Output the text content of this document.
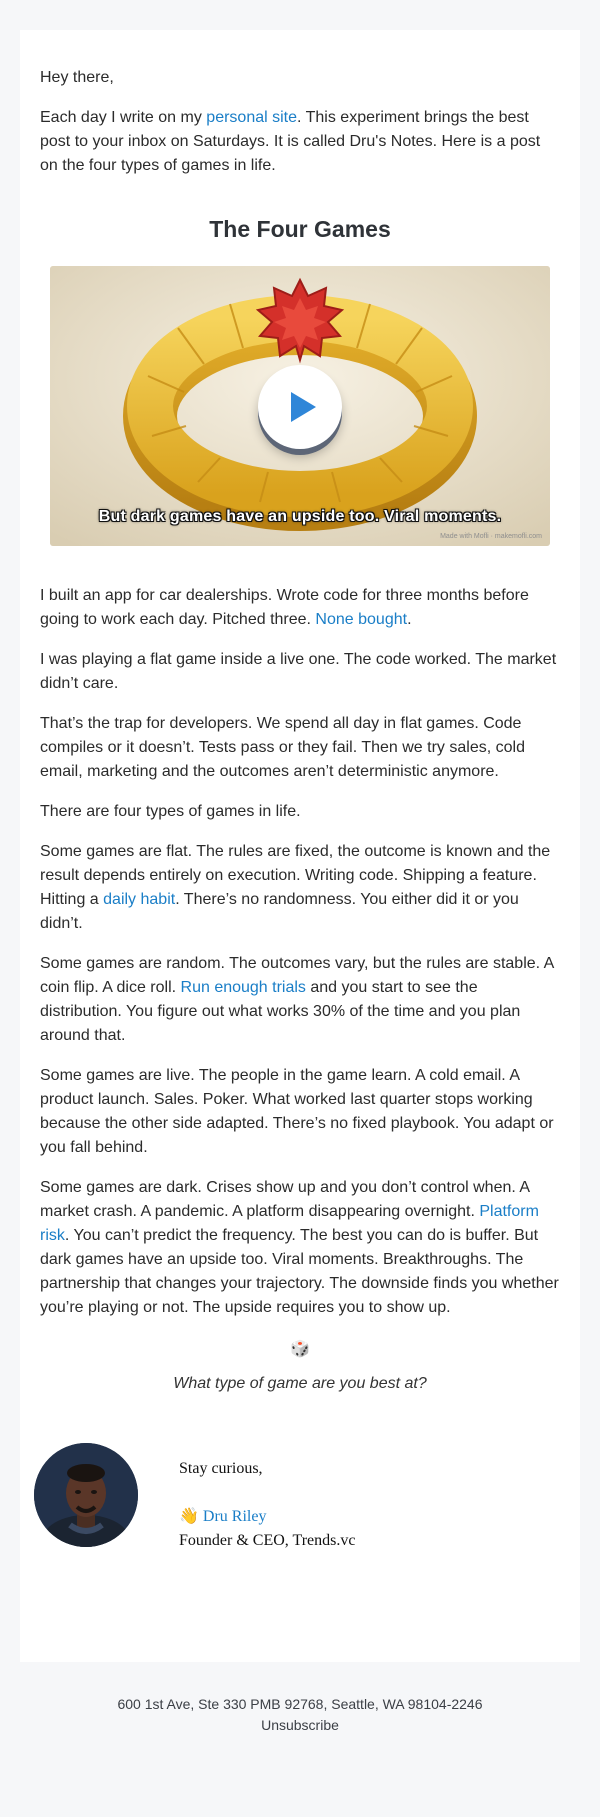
Hey there,

Each day I write on my personal site. This experiment brings the best post to your inbox on Saturdays. It is called Dru's Notes. Here is a post on the four types of games in life.

The Four Games
But dark games have an upside too. Viral moments.
Made with Mofli · makemofli.com

I built an app for car dealerships. Wrote code for three months before going to work each day. Pitched three. None bought.

I was playing a flat game inside a live one. The code worked. The market didn’t care.

That’s the trap for developers. We spend all day in flat games. Code compiles or it doesn’t. Tests pass or they fail. Then we try sales, cold email, marketing and the outcomes aren’t deterministic anymore.

There are four types of games in life.

Some games are flat. The rules are fixed, the outcome is known and the result depends entirely on execution. Writing code. Shipping a feature. Hitting a daily habit. There’s no randomness. You either did it or you didn’t.

Some games are random. The outcomes vary, but the rules are stable. A coin flip. A dice roll. Run enough trials and you start to see the distribution. You figure out what works 30% of the time and you plan around that.

Some games are live. The people in the game learn. A cold email. A product launch. Sales. Poker. What worked last quarter stops working because the other side adapted. There’s no fixed playbook. You adapt or you fall behind.

Some games are dark. Crises show up and you don’t control when. A market crash. A pandemic. A platform disappearing overnight. Platform risk. You can’t predict the frequency. The best you can do is buffer. But dark games have an upside too. Viral moments. Breakthroughs. The partnership that changes your trajectory. The downside finds you whether you’re playing or not. The upside requires you to show up.

🎲

What type of game are you best at?

Stay curious,
👋 Dru Riley
Founder & CEO, Trends.vc
600 1st Ave, Ste 330 PMB 92768, Seattle, WA 98104-2246
Unsubscribe
